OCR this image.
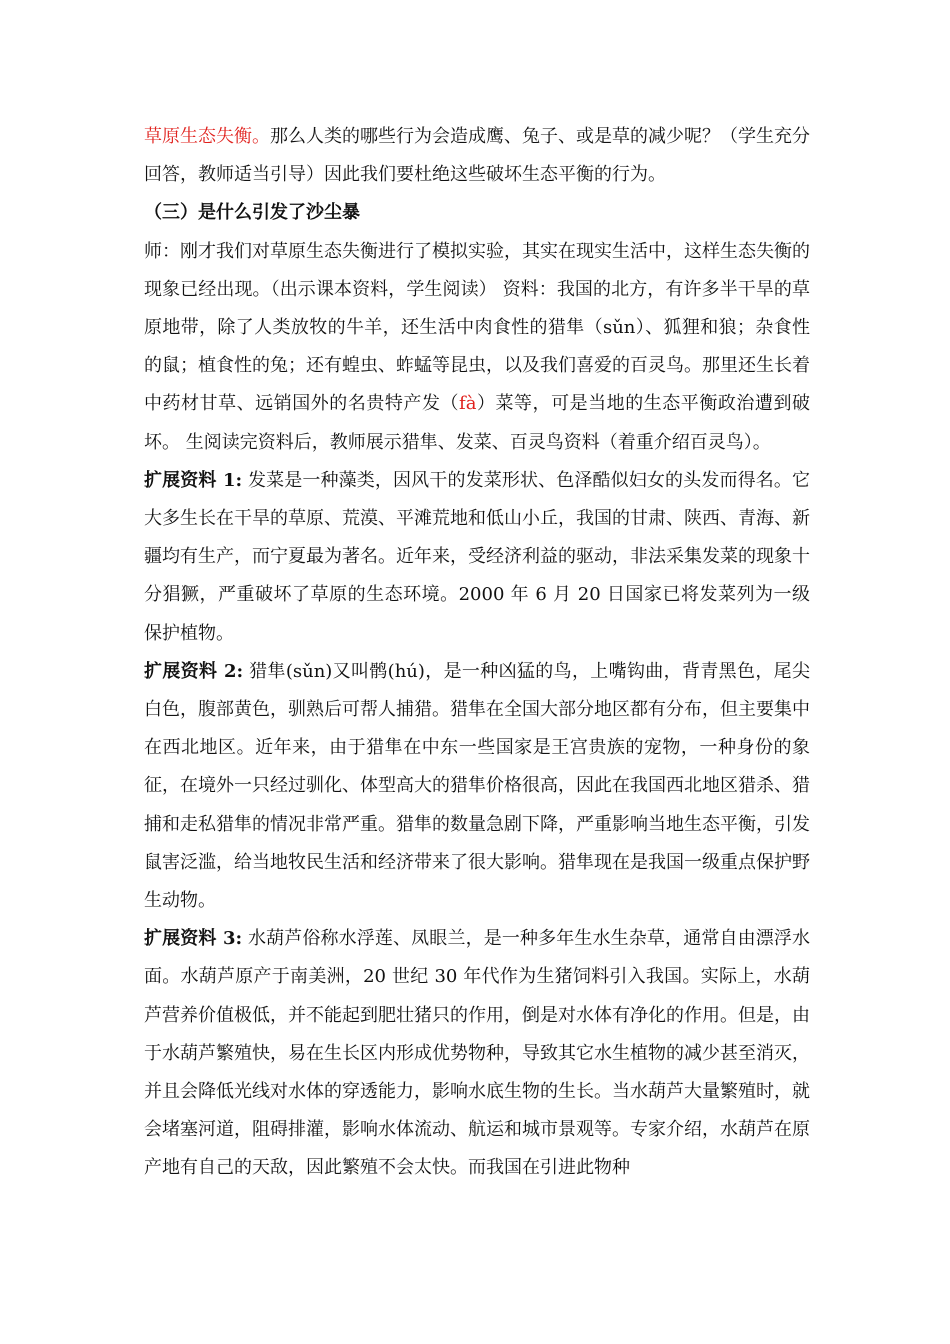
草原生态失衡。那么人类的哪些行为会造成鹰、兔子、或是草的减少呢？（学生充分回答，教师适当引导）因此我们要杜绝这些破坏生态平衡的行为。

（三）是什么引发了沙尘暴

师：刚才我们对草原生态失衡进行了模拟实验，其实在现实生活中，这样生态失衡的现象已经出现。（出示课本资料，学生阅读） 资料：我国的北方，有许多半干旱的草原地带，除了人类放牧的牛羊，还生活中肉食性的猎隼（sǔn）、狐狸和狼；杂食性的鼠；植食性的兔；还有蝗虫、蚱蜢等昆虫，以及我们喜爱的百灵鸟。那里还生长着中药材甘草、远销国外的名贵特产发（fà）菜等，可是当地的生态平衡政治遭到破坏。 生阅读完资料后，教师展示猎隼、发菜、百灵鸟资料（着重介绍百灵鸟）。

扩展资料 1: 发菜是一种藻类，因风干的发菜形状、色泽酷似妇女的头发而得名。它大多生长在干旱的草原、荒漠、平滩荒地和低山小丘，我国的甘肃、陕西、青海、新疆均有生产，而宁夏最为著名。近年来，受经济利益的驱动，非法采集发菜的现象十分猖獗，严重破坏了草原的生态环境。2000 年 6 月 20 日国家已将发菜列为一级保护植物。

扩展资料 2: 猎隼(sǔn)又叫鹘(hú)，是一种凶猛的鸟，上嘴钩曲，背青黑色，尾尖白色，腹部黄色，驯熟后可帮人捕猎。猎隼在全国大部分地区都有分布，但主要集中在西北地区。近年来，由于猎隼在中东一些国家是王宫贵族的宠物，一种身份的象征，在境外一只经过驯化、体型高大的猎隼价格很高，因此在我国西北地区猎杀、猎捕和走私猎隼的情况非常严重。猎隼的数量急剧下降，严重影响当地生态平衡，引发鼠害泛滥，给当地牧民生活和经济带来了很大影响。猎隼现在是我国一级重点保护野生动物。

扩展资料 3: 水葫芦俗称水浮莲、凤眼兰，是一种多年生水生杂草，通常自由漂浮水面。水葫芦原产于南美洲，20 世纪 30 年代作为生猪饲料引入我国。实际上，水葫芦营养价值极低，并不能起到肥壮猪只的作用，倒是对水体有净化的作用。但是，由于水葫芦繁殖快，易在生长区内形成优势物种，导致其它水生植物的减少甚至消灭，并且会降低光线对水体的穿透能力，影响水底生物的生长。当水葫芦大量繁殖时，就会堵塞河道，阻碍排灌，影响水体流动、航运和城市景观等。专家介绍，水葫芦在原产地有自己的天敌，因此繁殖不会太快。而我国在引进此物种
